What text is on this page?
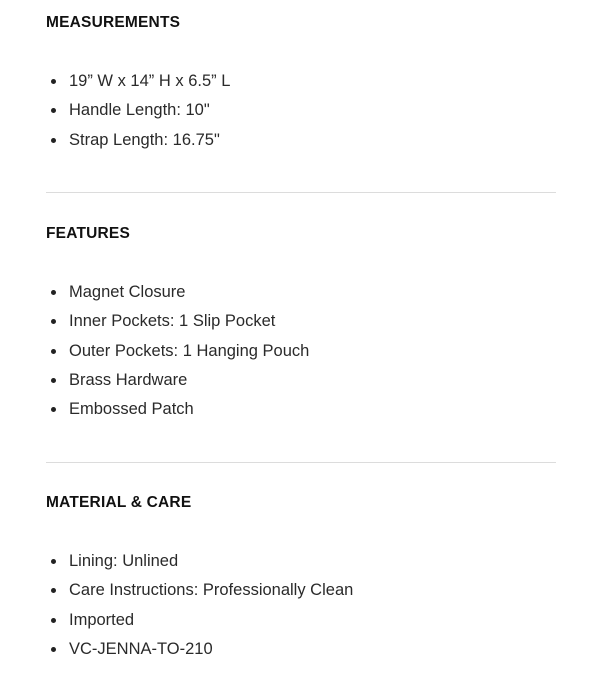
MEASUREMENTS
19” W x 14” H x 6.5” L
Handle Length: 10"
Strap Length: 16.75"
FEATURES
Magnet Closure
Inner Pockets: 1 Slip Pocket
Outer Pockets: 1 Hanging Pouch
Brass Hardware
Embossed Patch
MATERIAL & CARE
Lining: Unlined
Care Instructions: Professionally Clean
Imported
VC-JENNA-TO-210
